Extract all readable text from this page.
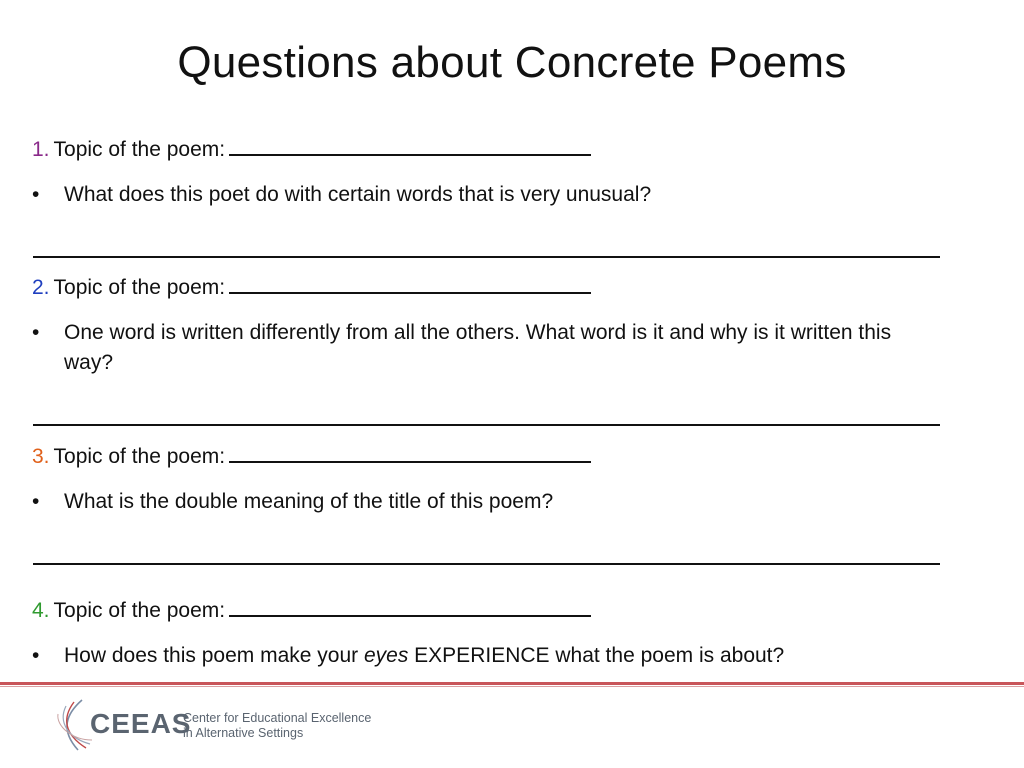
Questions about Concrete Poems
1. Topic of the poem:
•	What does this poet do with certain words that is very unusual?
2. Topic of the poem:
•	One word is written differently from all the others. What word is it and why is it written this way?
3. Topic of the poem:
•	What is the double meaning of the title of this poem?
4. Topic of the poem:
•	How does this poem make your eyes EXPERIENCE what the poem is about?
CEEAS
Center for Educational Excellence
in Alternative Settings
